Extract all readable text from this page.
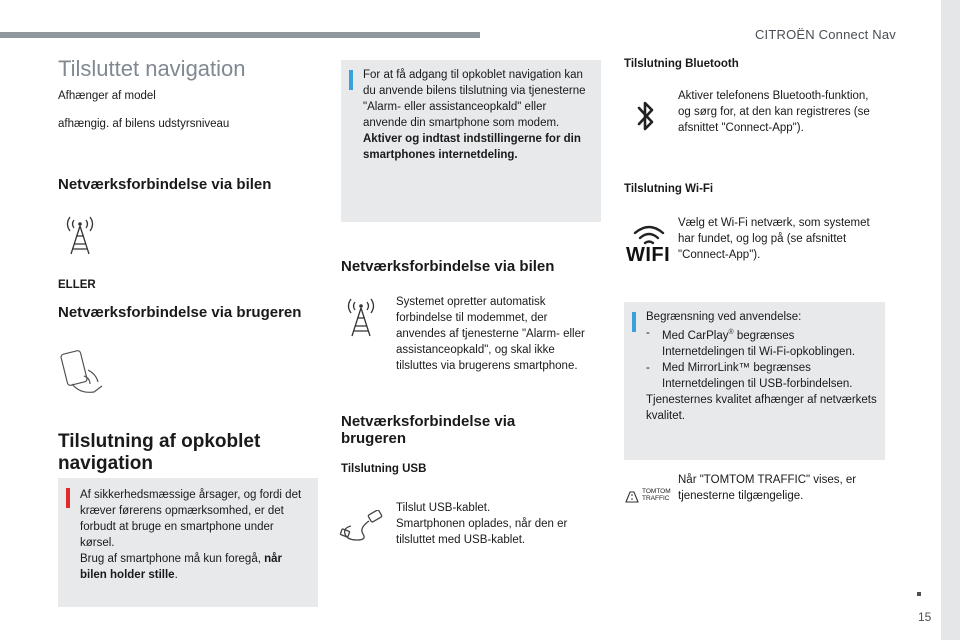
CITROËN Connect Nav
15
Tilsluttet navigation
Afhænger af model
afhængig. af bilens udstyrsniveau
Netværksforbindelse via bilen
ELLER
Netværksforbindelse via brugeren
Tilslutning af opkoblet navigation
Af sikkerhedsmæssige årsager, og fordi det kræver førerens opmærksomhed, er det forbudt at bruge en smartphone under kørsel.
Brug af smartphone må kun foregå, når bilen holder stille.
For at få adgang til opkoblet navigation kan du anvende bilens tilslutning via tjenesterne "Alarm- eller assistanceopkald" eller anvende din smartphone som modem.
Aktiver og indtast indstillingerne for din smartphones internetdeling.
Netværksforbindelse via bilen
Systemet opretter automatisk forbindelse til modemmet, der anvendes af tjenesterne "Alarm- eller assistanceopkald", og skal ikke tilsluttes via brugerens smartphone.
Netværksforbindelse via brugeren
Tilslutning USB
Tilslut USB-kablet.
Smartphonen oplades, når den er tilsluttet med USB-kablet.
Tilslutning Bluetooth
Aktiver telefonens Bluetooth-funktion, og sørg for, at den kan registreres (se afsnittet "Connect-App").
Tilslutning Wi-Fi
WIFI
Vælg et Wi-Fi netværk, som systemet har fundet, og log på (se afsnittet "Connect-App").
Begrænsning ved anvendelse:
- Med CarPlay® begrænses Internetdelingen til Wi-Fi-opkoblingen.
- Med MirrorLink™ begrænses Internetdelingen til USB-forbindelsen.
Tjenesternes kvalitet afhænger af netværkets kvalitet.
TOMTOM
TRAFFIC
Når "TOMTOM TRAFFIC" vises, er tjenesterne tilgængelige.
